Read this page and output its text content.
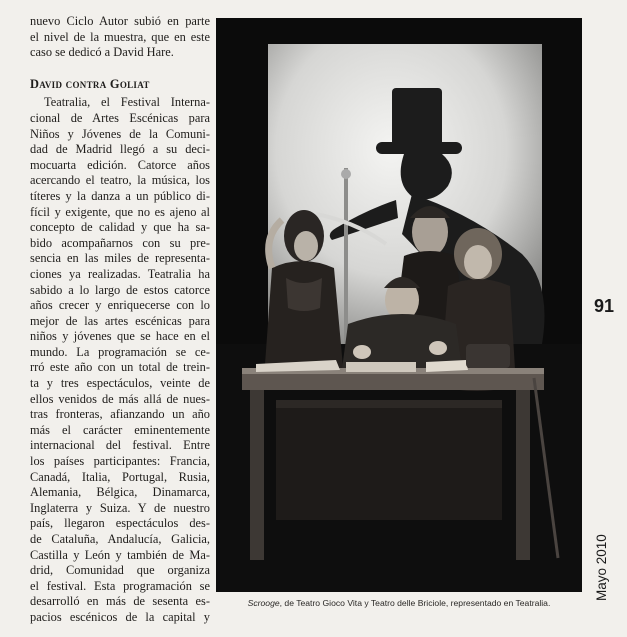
nuevo Ciclo Autor subió en parte
el nivel de la muestra, que en este
caso se dedicó a David Hare.
David contra Goliat
Teatralia, el Festival Interna-
cional de Artes Escénicas para
Niños y Jóvenes de la Comuni-
dad de Madrid llegó a su deci-
mocuarta edición. Catorce años
acercando el teatro, la música, los
títeres y la danza a un público di-
fícil y exigente, que no es ajeno al
concepto de calidad y que ha sa-
bido acompañarnos con su pre-
sencia en las miles de representa-
ciones ya realizadas. Teatralia ha
sabido a lo largo de estos catorce
años crecer y enriquecerse con lo
mejor de las artes escénicas para
niños y jóvenes que se hace en el
mundo. La programación se ce-
rró este año con un total de trein-
ta y tres espectáculos, veinte de
ellos venidos de más allá de nues-
tras fronteras, afianzando un año
más el carácter eminentemente
internacional del festival. Entre
los países participantes: Francia,
Canadá, Italia, Portugal, Rusia,
Alemania, Bélgica, Dinamarca,
Inglaterra y Suiza. Y de nuestro
país, llegaron espectáculos des-
de Cataluña, Andalucía, Galicia,
Castilla y León y también de Ma-
drid, Comunidad que organiza
el festival. Esta programación se
desarrolló en más de sesenta es-
pacios escénicos de la capital y
Scrooge, de Teatro Gioco Vita y Teatro delle Briciole, representado en Teatralia.
91
Mayo 2010
